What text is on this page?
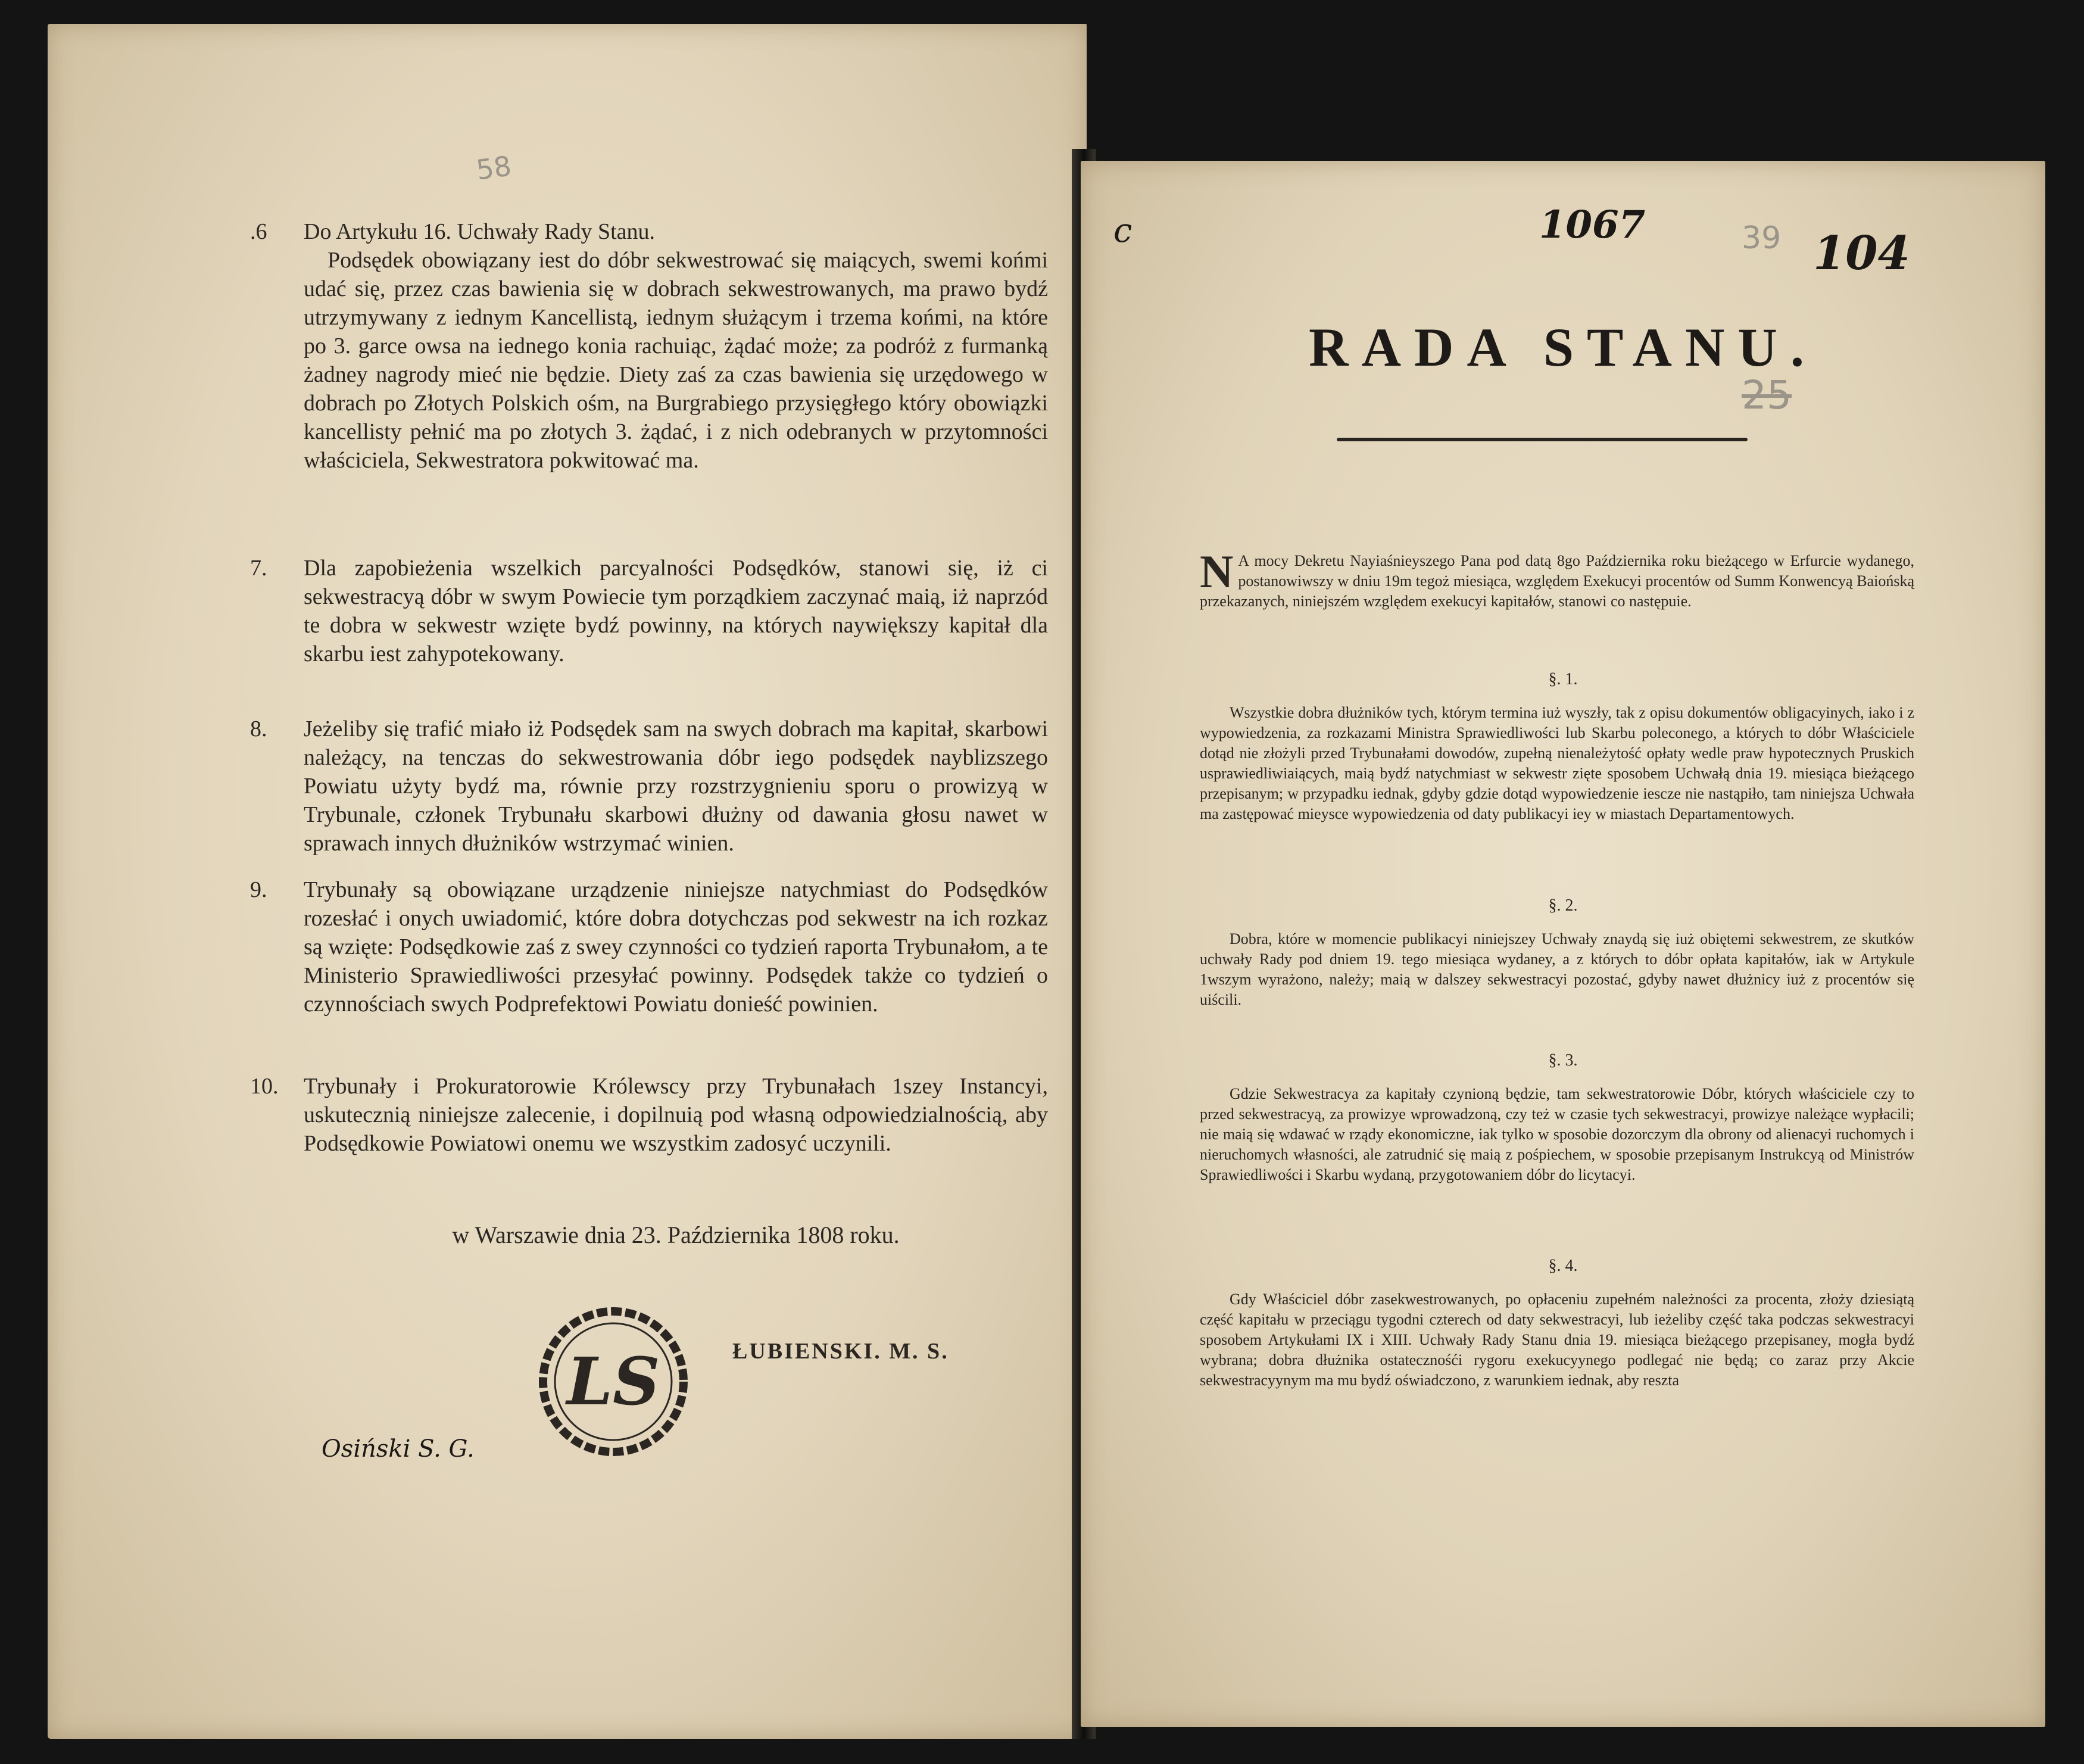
58
.6 Do Artykułu 16. Uchwały Rady Stanu.

Podsędek obowiązany iest do dóbr sekwestrować się maiących, swemi końmi udać się, przez czas bawienia się w dobrach sekwestrowanych, ma prawo bydź utrzymywany z iednym Kancellistą, iednym służącym i trzema końmi, na które po 3. garce owsa na iednego konia rachuiąc, żądać może; za podróż z furmanką żadney nagrody mieć nie będzie. Diety zaś za czas bawienia się urzędowego w dobrach po Złotych Polskich ośm, na Burgrabiego przysięgłego który obowiązki kancellisty pełnić ma po złotych 3. żądać, i z nich odebranych w przytomności właściciela, Sekwestratora pokwitować ma.

7. Dla zapobieżenia wszelkich parcyalności Podsędków, stanowi się, iż ci sekwestracyą dóbr w swym Powiecie tym porządkiem zaczynać maią, iż naprzód te dobra w sekwestr wzięte bydź powinny, na których naywiększy kapitał dla skarbu iest zahypotekowany.

8. Jeżeliby się trafić miało iż Podsędek sam na swych dobrach ma kapitał, skarbowi należący, na tenczas do sekwestrowania dóbr iego podsędek nayblizszego Powiatu użyty bydź ma, równie przy rozstrzygnieniu sporu o prowizyą w Trybunale, członek Trybunału skarbowi dłużny od dawania głosu nawet w sprawach innych dłużników wstrzymać winien.

9. Trybunały są obowiązane urządzenie niniejsze natychmiast do Podsędków rozesłać i onych uwiadomić, które dobra dotychczas pod sekwestr na ich rozkaz są wzięte: Podsędkowie zaś z swey czynności co tydzień raporta Trybunałom, a te Ministerio Sprawiedliwości przesyłać powinny. Podsędek także co tydzień o czynnościach swych Podprefektowi Powiatu donieść powinien.

10. Trybunały i Prokuratorowie Królewscy przy Trybunałach 1szey Instancyi, uskutecznią niniejsze zalecenie, i dopilnuią pod własną odpowiedzialnością, aby Podsędkowie Powiatowi onemu we wszystkim zadosyć uczynili.

w Warszawie dnia 23. Października 1808 roku.
LS	ŁUBIENSKI. M. S.
Osiński S. G.
1067	39 104
25
c
RADA STANU.
N A mocy Dekretu Nayiaśnieyszego Pana pod datą 8go Października roku bieżącego w Erfurcie wydanego, postanowiwszy w dniu 19m tegoż miesiąca, względem Exekucyi procentów od Summ Konwencyą Baiońską przekazanych, niniejszém względem exekucyi kapitałów, stanowi co następuie.

§. 1.
Wszystkie dobra dłużników tych, którym termina iuż wyszły, tak z opisu dokumentów obligacyinych, iako i z wypowiedzenia, za rozkazami Ministra Sprawiedliwości lub Skarbu poleconego, a których to dóbr Właściciele dotąd nie złożyli przed Trybunałami dowodów, zupełną nienależytość opłaty wedle praw hypotecznych Pruskich usprawiedliwiaiących, maią bydź natychmiast w sekwestr zięte sposobem Uchwałą dnia 19. miesiąca bieżącego przepisanym; w przypadku iednak, gdyby gdzie dotąd wypowiedzenie iescze nie nastąpiło, tam niniejsza Uchwała ma zastępować mieysce wypowiedzenia od daty publikacyi iey w miastach Departamentowych.
§. 2.
Dobra, które w momencie publikacyi niniejszey Uchwały znaydą się iuż obiętemi sekwestrem, ze skutków uchwały Rady pod dniem 19. tego miesiąca wydaney, a z których to dóbr opłata kapitałów, iak w Artykule 1wszym wyrażono, należy; maią w dalszey sekwestracyi pozostać, gdyby nawet dłużnicy iuż z procentów się uiścili.
§. 3.
Gdzie Sekwestracya za kapitały czynioną będzie, tam sekwestratorowie Dóbr, których właściciele czy to przed sekwestracyą, za prowizye wprowadzoną, czy też w czasie tych sekwestracyi, prowizye należące wypłacili; nie maią się wdawać w rządy ekonomiczne, iak tylko w sposobie dozorczym dla obrony od alienacyi ruchomych i nieruchomych własności, ale zatrudnić się maią z pośpiechem, w sposobie przepisanym Instrukcyą od Ministrów Sprawiedliwości i Skarbu wydaną, przygotowaniem dóbr do licytacyi.
§. 4.
Gdy Właściciel dóbr zasekwestrowanych, po opłaceniu zupełném należności za procenta, złoży dziesiątą część kapitału w przeciągu tygodni czterech od daty sekwestracyi, lub ieżeliby część taka podczas sekwestracyi sposobem Artykułami IX i XIII. Uchwały Rady Stanu dnia 19. miesiąca bieżącego przepisaney, mogła bydź wybrana; dobra dłużnika ostatecznośći rygoru exekucyynego podlegać nie będą; co zaraz przy Akcie sekwestracyynym ma mu bydź oświadczono, z warunkiem iednak, aby reszta
